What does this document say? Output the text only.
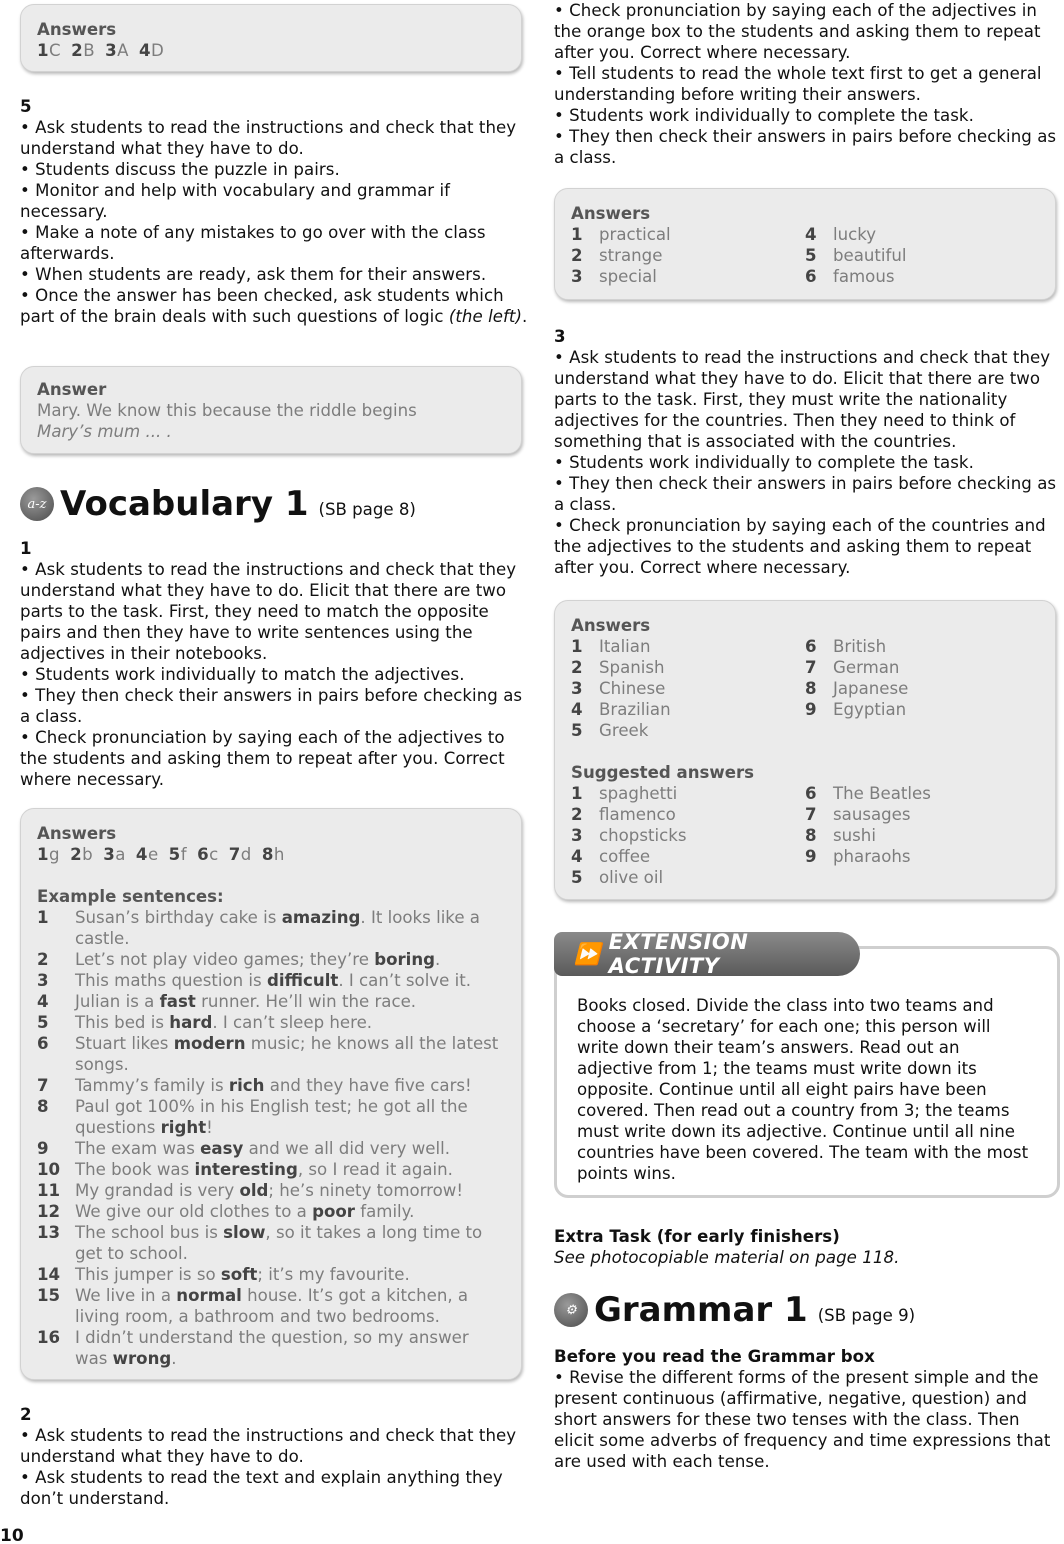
Answers
1C 2B 3A 4D
5

• Ask students to read the instructions and check that they understand what they have to do.

• Students discuss the puzzle in pairs.

• Monitor and help with vocabulary and grammar if necessary.

• Make a note of any mistakes to go over with the class afterwards.

• When students are ready, ask them for their answers.

• Once the answer has been checked, ask students which part of the brain deals with such questions of logic (the left).

Answer
Mary. We know this because the riddle begins
Mary’s mum ... .
a-z Vocabulary 1 (SB page 8)
1

• Ask students to read the instructions and check that they understand what they have to do. Elicit that there are two parts to the task. First, they need to match the opposite pairs and then they have to write sentences using the adjectives in their notebooks.

• Students work individually to match the adjectives.

• They then check their answers in pairs before checking as a class.

• Check pronunciation by saying each of the adjectives to the students and asking them to repeat after you. Correct where necessary.

Answers
1g 2b 3a 4e 5f 6c 7d 8h
Example sentences:
1	Susan’s birthday cake is amazing. It looks like a castle.
2	Let’s not play video games; they’re boring.
3	This maths question is difficult. I can’t solve it.
4	Julian is a fast runner. He’ll win the race.
5	This bed is hard. I can’t sleep here.
6	Stuart likes modern music; he knows all the latest songs.
7	Tammy’s family is rich and they have five cars!
8	Paul got 100% in his English test; he got all the questions right!
9	The exam was easy and we all did very well.
10 The book was interesting, so I read it again.
11 My grandad is very old; he’s ninety tomorrow!
12 We give our old clothes to a poor family.
13 The school bus is slow, so it takes a long time to get to school.
14 This jumper is so soft; it’s my favourite.
15 We live in a normal house. It’s got a kitchen, a living room, a bathroom and two bedrooms.
16 I didn’t understand the question, so my answer was wrong.
2

• Ask students to read the instructions and check that they understand what they have to do.

• Ask students to read the text and explain anything they don’t understand.

10

• Check pronunciation by saying each of the adjectives in the orange box to the students and asking them to repeat after you. Correct where necessary.

• Tell students to read the whole text first to get a general understanding before writing their answers.

• Students work individually to complete the task.

• They then check their answers in pairs before checking as a class.

Answers
1 practical
2 strange
3 special
4 lucky
5 beautiful
6 famous
3

• Ask students to read the instructions and check that they understand what they have to do. Elicit that there are two parts to the task. First, they must write the nationality adjectives for the countries. Then they need to think of something that is associated with the countries.

• Students work individually to complete the task.

• They then check their answers in pairs before checking as a class.

• Check pronunciation by saying each of the countries and the adjectives to the students and asking them to repeat after you. Correct where necessary.

Answers
1 Italian
2 Spanish
3 Chinese
4 Brazilian
5 Greek
6 British
7 German
8 Japanese
9 Egyptian
Suggested answers
1 spaghetti
2 flamenco
3 chopsticks
4 coffee
5 olive oil
6 The Beatles
7 sausages
8 sushi
9 pharaohs

Books closed. Divide the class into two teams and choose a ‘secretary’ for each one; this person will write down their team’s answers. Read out an adjective from 1; the teams must write down its opposite. Continue until all eight pairs have been covered. Then read out a country from 3; the teams must write down its adjective. Continue until all nine countries have been covered. The team with the most points wins.

⏩ EXTENSION ACTIVITY

Extra Task (for early finishers)

See photocopiable material on page 118.

⚙ Grammar 1 (SB page 9)

Before you read the Grammar box

• Revise the different forms of the present simple and the present continuous (affirmative, negative, question) and short answers for these two tenses with the class. Then elicit some adverbs of frequency and time expressions that are used with each tense.
